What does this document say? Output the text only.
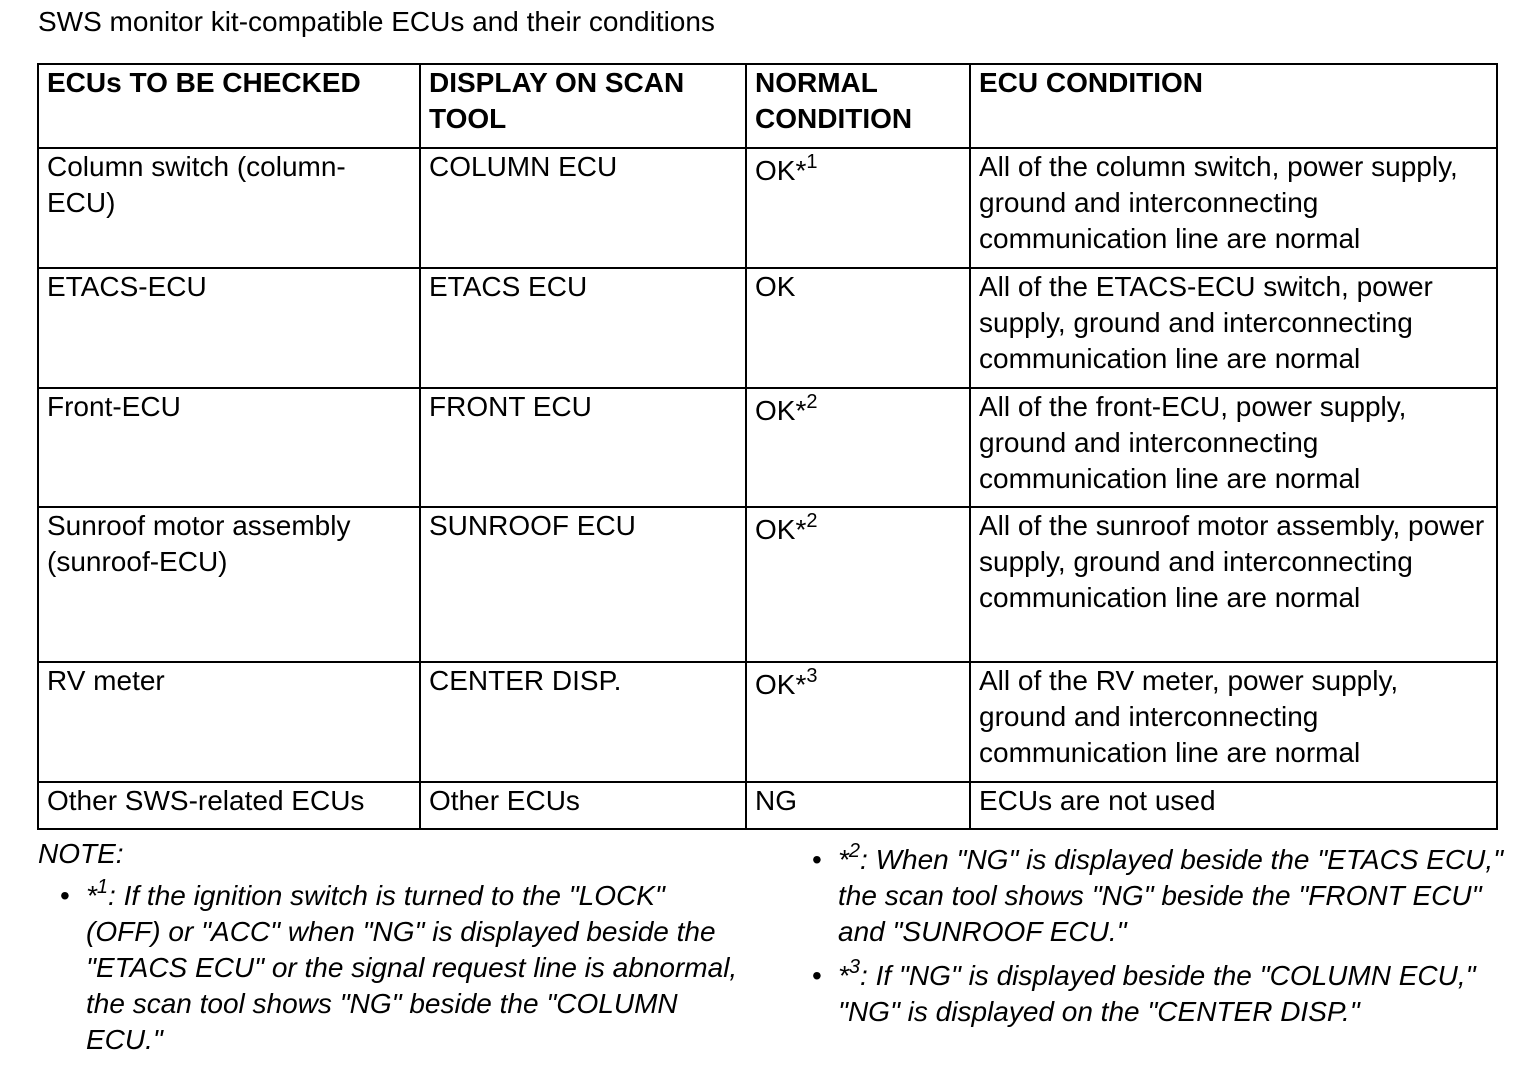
SWS monitor kit-compatible ECUs and their conditions
ECUs TO BE CHECKED	DISPLAY ON SCAN TOOL	NORMAL CONDITION	ECU CONDITION
Column switch (column-ECU)	COLUMN ECU	OK*$^1$	All of the column switch, power supply, ground and interconnecting communication line are normal
ETACS-ECU	ETACS ECU	OK	All of the ETACS-ECU switch, power supply, ground and interconnecting communication line are normal
Front-ECU	FRONT ECU	OK*$^2$	All of the front-ECU, power supply, ground and interconnecting communication line are normal
Sunroof motor assembly (sunroof-ECU)	SUNROOF ECU	OK*$^2$	All of the sunroof motor assembly, power supply, ground and interconnecting communication line are normal
RV meter	CENTER DISP.	OK*$^3$	All of the RV meter, power supply, ground and interconnecting communication line are normal
Other SWS-related ECUs	Other ECUs	NG	ECUs are not used
NOTE:
• *$^1$: If the ignition switch is turned to the "LOCK" (OFF) or "ACC" when "NG" is displayed beside the "ETACS ECU" or the signal request line is abnormal, the scan tool shows "NG" beside the "COLUMN ECU."
• *$^2$: When "NG" is displayed beside the "ETACS ECU," the scan tool shows "NG" beside the "FRONT ECU" and "SUNROOF ECU."
• *$^3$: If "NG" is displayed beside the "COLUMN ECU," "NG" is displayed on the "CENTER DISP."
